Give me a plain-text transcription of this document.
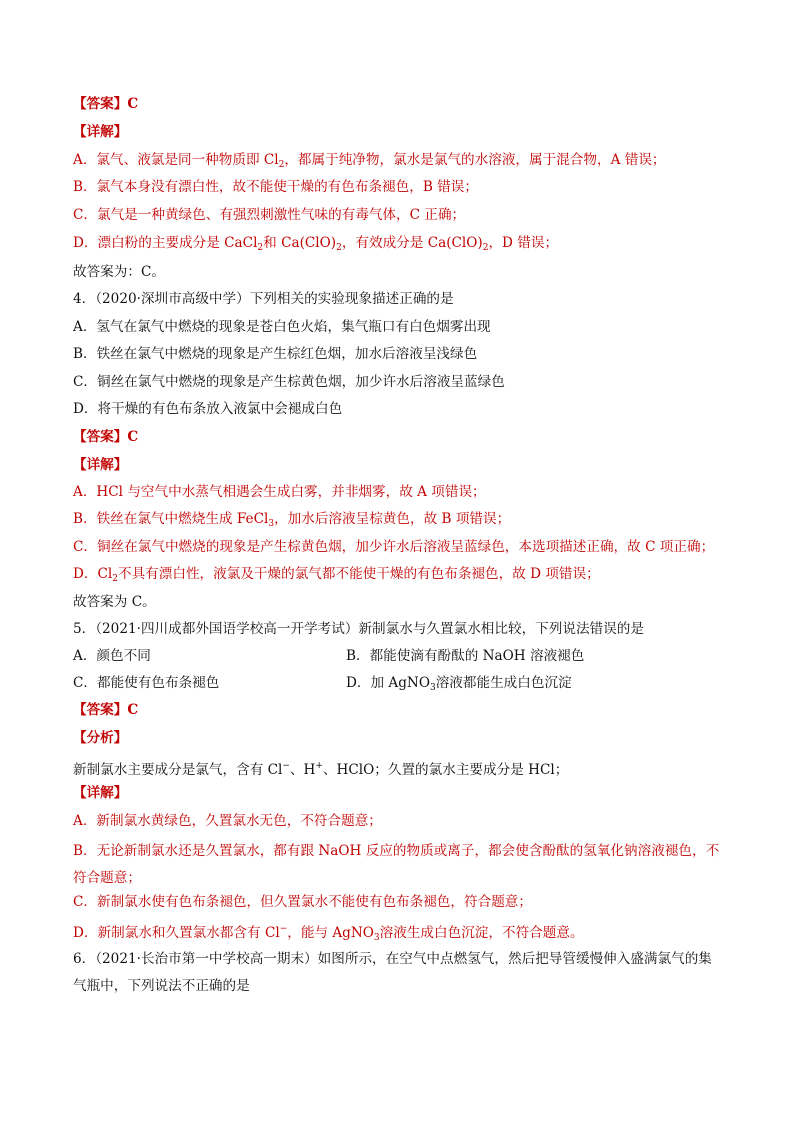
【答案】C
【详解】
A．氯气、液氯是同一种物质即 $Cl_2$，都属于纯净物，氯水是氯气的水溶液，属于混合物，A 错误；
B．氯气本身没有漂白性，故不能使干燥的有色布条褪色，B 错误；
C．氯气是一种黄绿色、有强烈刺激性气味的有毒气体，C 正确；
D．漂白粉的主要成分是 CaCl$_2$和 $Ca(ClO)_2$，有效成分是 $Ca(ClO)_2$，D 错误；
故答案为：C。
4．（2020·深圳市高级中学）下列相关的实验现象描述正确的是
A．氢气在氯气中燃烧的现象是苍白色火焰，集气瓶口有白色烟雾出现
B．铁丝在氯气中燃烧的现象是产生棕红色烟，加水后溶液呈浅绿色
C．铜丝在氯气中燃烧的现象是产生棕黄色烟，加少许水后溶液呈蓝绿色
D．将干燥的有色布条放入液氯中会褪成白色
【答案】C
【详解】
A．HCl 与空气中水蒸气相遇会生成白雾，并非烟雾，故 A 项错误；
B．铁丝在氯气中燃烧生成 FeCl$_3$，加水后溶液呈棕黄色，故 B 项错误；
C．铜丝在氯气中燃烧的现象是产生棕黄色烟，加少许水后溶液呈蓝绿色，本选项描述正确，故 C 项正确；
D．$Cl_2$不具有漂白性，液氯及干燥的氯气都不能使干燥的有色布条褪色，故 D 项错误；
故答案为 C。
5．（2021·四川成都外国语学校高一开学考试）新制氯水与久置氯水相比较，下列说法错误的是
A．颜色不同	B．都能使滴有酚酞的 NaOH 溶液褪色
C．都能使有色布条褪色	D．加 AgNO$_3$溶液都能生成白色沉淀
【答案】C
【分析】
新制氯水主要成分是氯气，含有 Cl−、H+、HClO；久置的氯水主要成分是 HCl；
【详解】
A．新制氯水黄绿色，久置氯水无色，不符合题意；
B．无论新制氯水还是久置氯水，都有跟 NaOH 反应的物质或离子，都会使含酚酞的氢氧化钠溶液褪色，不符合题意；
C．新制氯水使有色布条褪色，但久置氯水不能使有色布条褪色，符合题意；
D．新制氯水和久置氯水都含有 Cl−，能与 AgNO$_3$溶液生成白色沉淀，不符合题意。
6．（2021·长治市第一中学校高一期末）如图所示，在空气中点燃氢气，然后把导管缓慢伸入盛满氯气的集气瓶中，下列说法不正确的是
